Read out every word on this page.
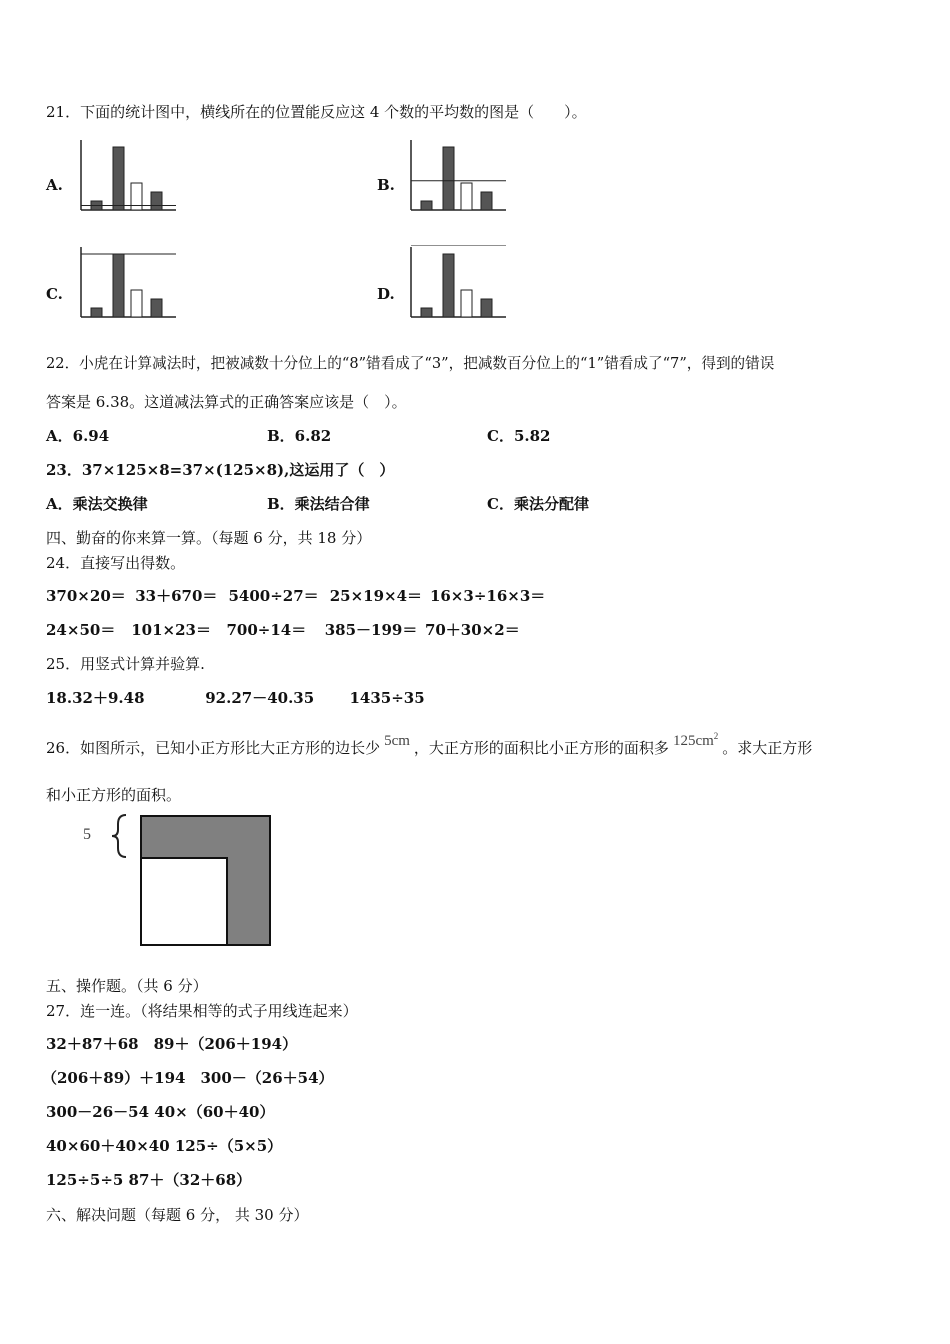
21．下面的统计图中，横线所在的位置能反应这 4 个数的平均数的图是（　　）。
A.	B.
C.	D.
22．小虎在计算减法时，把被减数十分位上的“8”错看成了“3”，把减数百分位上的“1”错看成了“7”，得到的错误
答案是 6.38。这道减法算式的正确答案应该是（　）。
A．6.94	B．6.82	C．5.82
23．37×125×8=37×(125×8),这运用了（　）
A．乘法交换律	B．乘法结合律	C．乘法分配律
四、勤奋的你来算一算。（每题 6 分，共 18 分）
24．直接写出得数。
370×20＝ 33＋670＝ 5400÷27＝ 25×19×4＝ 16×3÷16×3＝
24×50＝ 101×23＝ 700÷14＝ 385－199＝ 70＋30×2＝
25．用竖式计算并验算.
18.32＋9.48	92.27－40.35 1435÷35
26．如图所示，已知小正方形比大正方形的边长少 5cm ，大正方形的面积比小正方形的面积多 $125cm^2$。求大正方形
和小正方形的面积。
5
五、操作题。（共 6 分）
27．连一连。（将结果相等的式子用线连起来）
32＋87＋68　89＋（206＋194）
（206＋89）＋194　300－（26＋54）
300－26－54 40×（60＋40）
40×60＋40×40 125÷（5×5）
125÷5÷5 87＋（32＋68）
六、解决问题（每题 6 分， 共 30 分）
